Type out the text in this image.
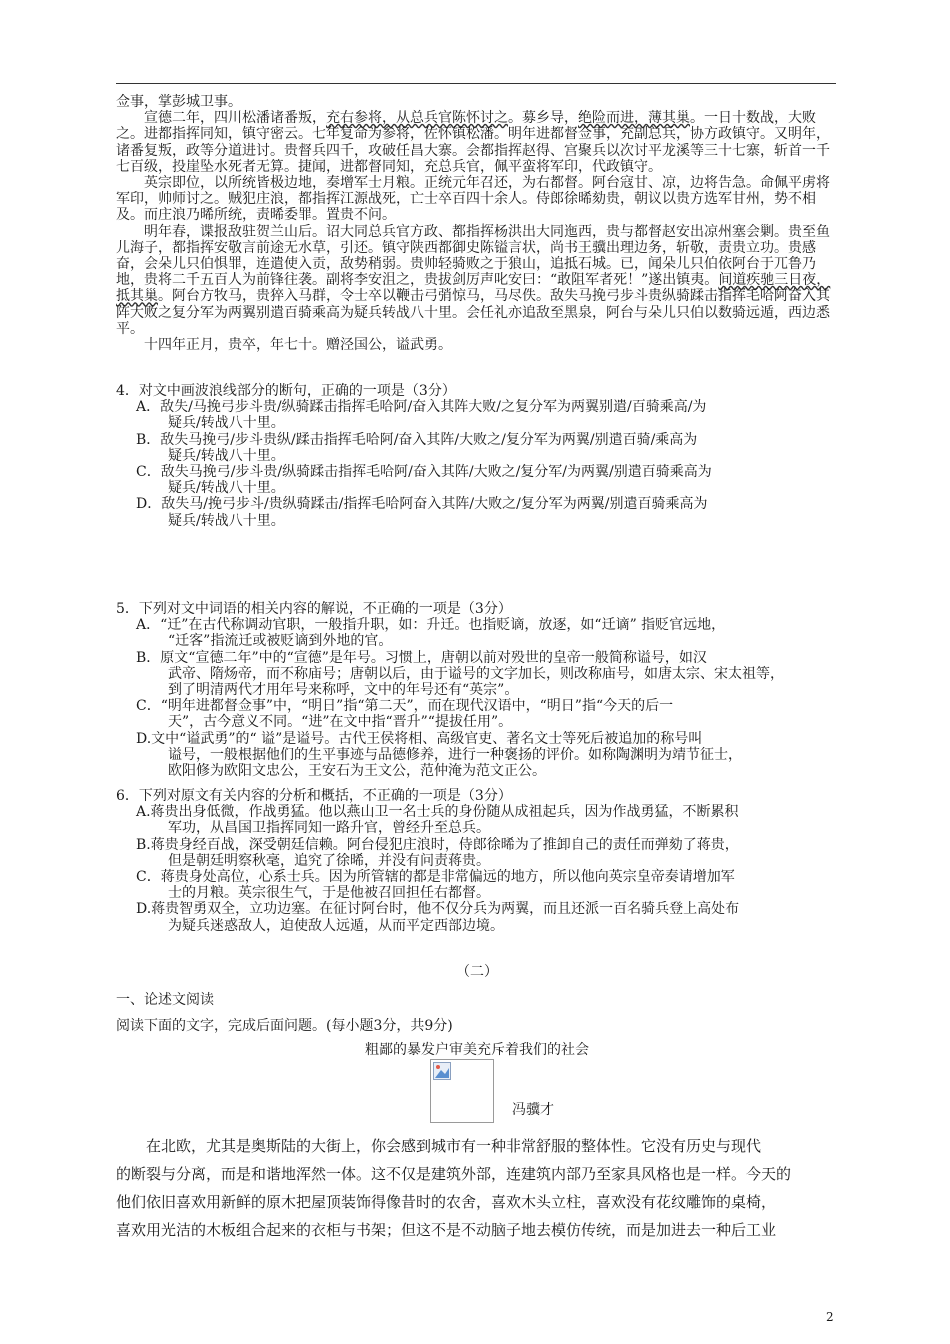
佥事，掌彭城卫事。

宣德二年，四川松潘诸番叛，充右参将，从总兵官陈怀讨之。募乡导，绝险而进，薄其巢。一日十数战，大败之。进都指挥同知，镇守密云。七年复命为参将，佐怀镇松潘。明年进都督佥事，充副总兵，协方政镇守。又明年，诸番复叛，政等分道进讨。贵督兵四千，攻破任昌大寨。会都指挥赵得、宫聚兵以次讨平龙溪等三十七寨，斩首一千七百级，投崖坠水死者无算。捷闻，进都督同知，充总兵官，佩平蛮将军印，代政镇守。

英宗即位，以所统皆极边地，奏增军士月粮。正统元年召还，为右都督。阿台寇甘、凉，边将告急。命佩平虏将军印，帅师讨之。贼犯庄浪，都指挥江源战死，亡士卒百四十余人。侍郎徐晞劾贵，朝议以贵方选军甘州，势不相及。而庄浪乃晞所统，责晞委罪。置贵不问。

明年春，谍报敌驻贺兰山后。诏大同总兵官方政、都指挥杨洪出大同迤西，贵与都督赵安出凉州塞会剿。贵至鱼儿海子，都指挥安敬言前途无水草，引还。镇守陕西都御史陈镒言状，尚书王骥出理边务，斩敬，责贵立功。贵感奋，会朵儿只伯惧罪，连遣使入贡，敌势稍弱。贵帅轻骑败之于狼山，追抵石城。已，闻朵儿只伯依阿台于兀鲁乃地，贵将二千五百人为前锋往袭。副将李安沮之，贵拔剑厉声叱安曰：“敢阻军者死！”遂出镇夷。间道疾驰三日夜，抵其巢。阿台方牧马，贵猝入马群，令士卒以鞭击弓弰惊马，马尽佚。敌失马挽弓步斗贵纵骑蹂击指挥毛哈阿奋入其阵大败之复分军为两翼别遣百骑乘高为疑兵转战八十里。会任礼亦追敌至黑泉，阿台与朵儿只伯以数骑远遁，西边悉平。

十四年正月，贵卒，年七十。赠泾国公，谥武勇。

4．对文中画波浪线部分的断句，正确的一项是（3分）

A．敌失/马挽弓步斗贵/纵骑蹂击指挥毛哈阿/奋入其阵大败/之复分军为两翼别遣/百骑乘高/为
疑兵/转战八十里。

B．敌失马挽弓/步斗贵纵/蹂击指挥毛哈阿/奋入其阵/大败之/复分军为两翼/别遣百骑/乘高为
疑兵/转战八十里。

C．敌失马挽弓/步斗贵/纵骑蹂击指挥毛哈阿/奋入其阵/大败之/复分军/为两翼/别遣百骑乘高为
疑兵/转战八十里。

D．敌失马/挽弓步斗/贵纵骑蹂击/指挥毛哈阿奋入其阵/大败之/复分军为两翼/别遣百骑乘高为
疑兵/转战八十里。

5．下列对文中词语的相关内容的解说，不正确的一项是（3分）

A．“迁”在古代称调动官职，一般指升职，如：升迁。也指贬谪，放逐，如“迁谪” 指贬官远地，
“迁客”指流迁或被贬谪到外地的官。

B．原文“宣德二年”中的“宣德”是年号。习惯上，唐朝以前对殁世的皇帝一般简称谥号，如汉
武帝、隋炀帝，而不称庙号；唐朝以后，由于谥号的文字加长，则改称庙号，如唐太宗、宋太祖等，
到了明清两代才用年号来称呼，文中的年号还有“英宗”。

C．“明年进都督佥事”中，“明日”指“第二天”，而在现代汉语中，“明日”指“今天的后一
天”，古今意义不同。“进”在文中指“晋升”“提拔任用”。

D.文中“谥武勇”的“ 谥”是谥号。古代王侯将相、高级官吏、著名文士等死后被追加的称号叫
谥号，一般根据他们的生平事迹与品德修养，进行一种褒扬的评价。如称陶渊明为靖节征士，
欧阳修为欧阳文忠公，王安石为王文公，范仲淹为范文正公。

6．下列对原文有关内容的分析和概括，不正确的一项是（3分）

A.蒋贵出身低微，作战勇猛。他以燕山卫一名士兵的身份随从成祖起兵，因为作战勇猛，不断累积
军功，从昌国卫指挥同知一路升官，曾经升至总兵。

B.蒋贵身经百战，深受朝廷信赖。阿台侵犯庄浪时，侍郎徐晞为了推卸自己的责任而弹劾了蒋贵，
但是朝廷明察秋毫，追究了徐晞，并没有问责蒋贵。

C．蒋贵身处高位，心系士兵。因为所管辖的都是非常偏远的地方，所以他向英宗皇帝奏请增加军
士的月粮。英宗很生气，于是他被召回担任右都督。

D.蒋贵智勇双全，立功边塞。在征讨阿台时，他不仅分兵为两翼，而且还派一百名骑兵登上高处布
为疑兵迷惑敌人，迫使敌人远遁，从而平定西部边境。

（二）
一、论述文阅读
阅读下面的文字，完成后面问题。(每小题3分，共9分)
粗鄙的暴发户审美充斥着我们的社会
冯骥才

在北欧，尤其是奥斯陆的大街上，你会感到城市有一种非常舒服的整体性。它没有历史与现代

的断裂与分离，而是和谐地浑然一体。这不仅是建筑外部，连建筑内部乃至家具风格也是一样。今天的

他们依旧喜欢用新鲜的原木把屋顶装饰得像昔时的农舍，喜欢木头立柱，喜欢没有花纹雕饰的桌椅，

喜欢用光洁的木板组合起来的衣柜与书架；但这不是不动脑子地去模仿传统，而是加进去一种后工业

2
